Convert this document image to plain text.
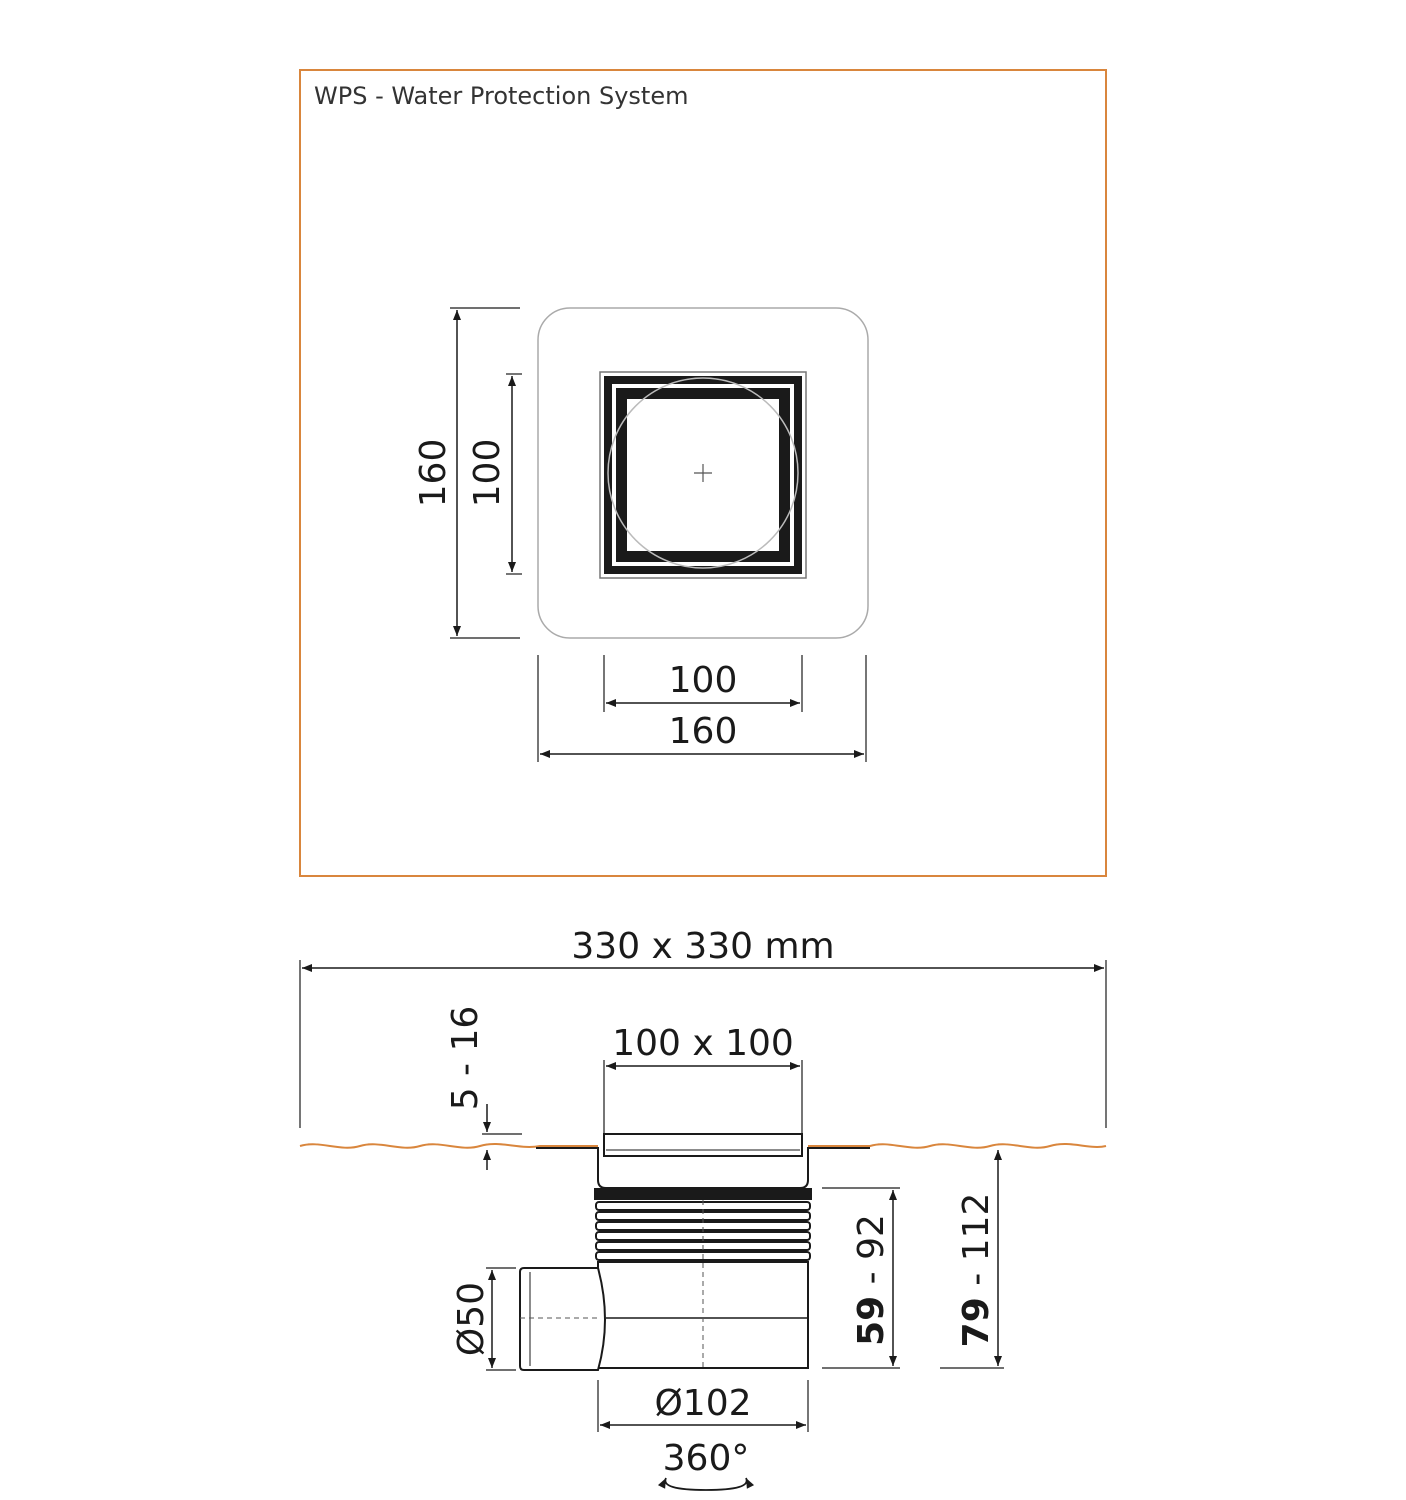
WPS - Water Protection System
160 100
100
160
330 x 330 mm
100 x 100
5 - 16
Ø50
Ø102
360°
59 - 92
79 - 112
